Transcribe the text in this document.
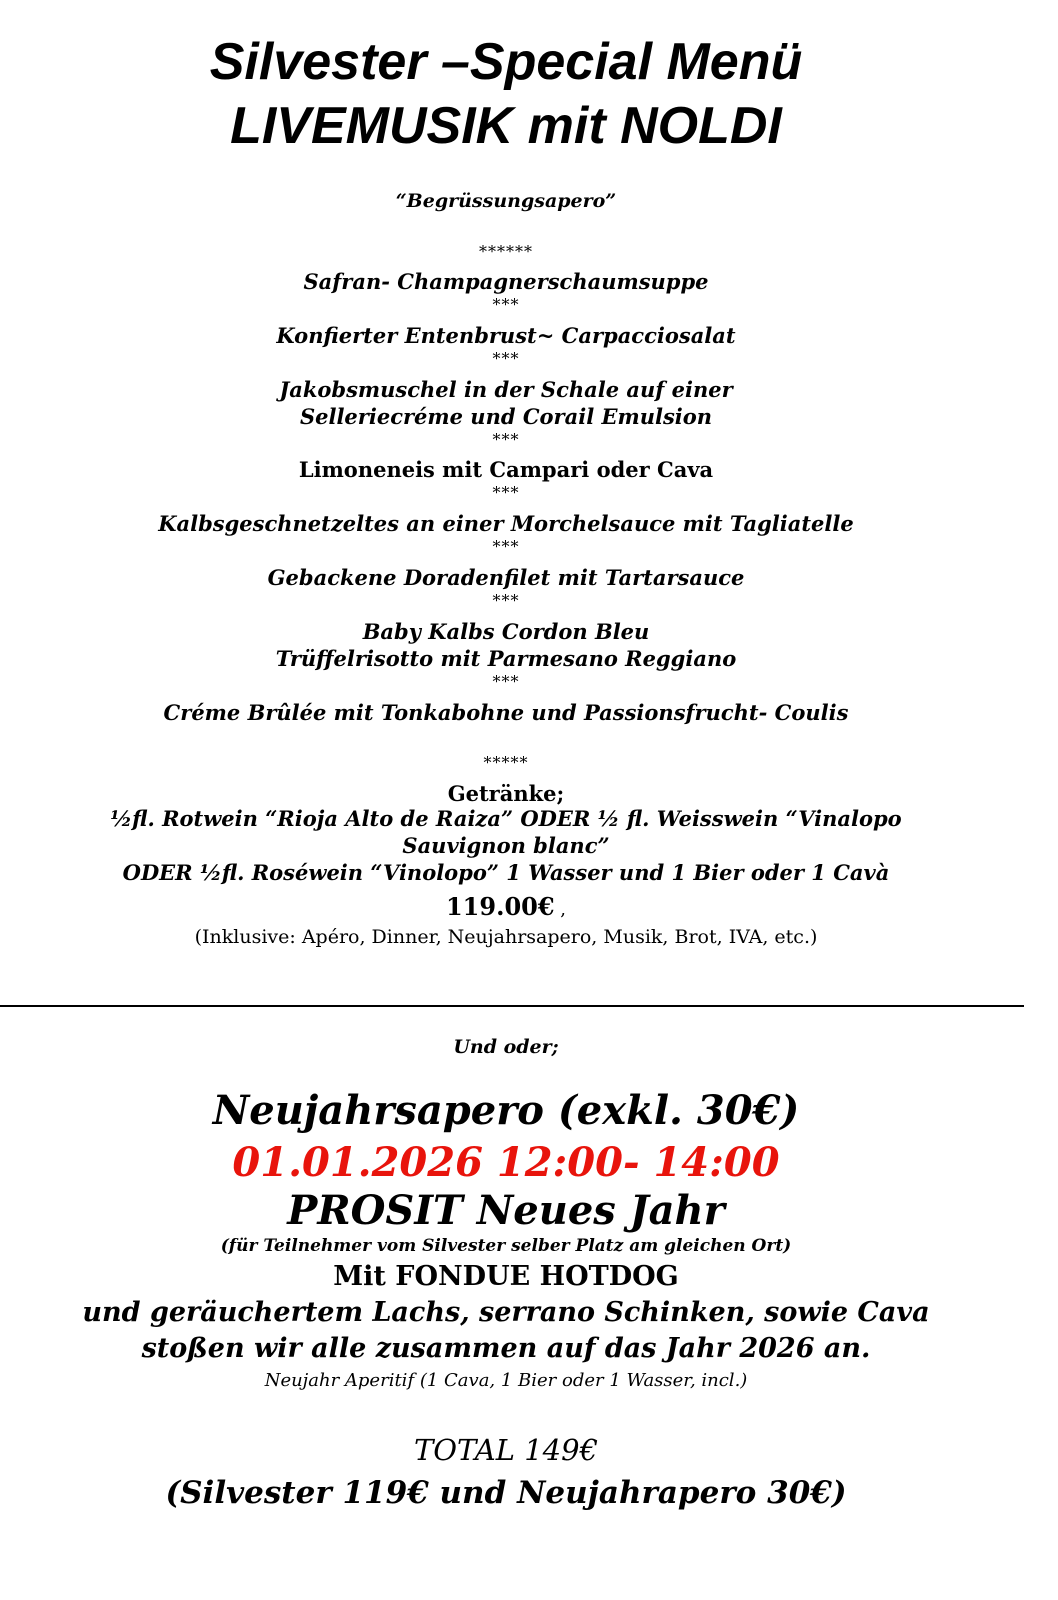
Silvester –Special Menü
LIVEMUSIK mit NOLDI
“Begrüssungsapero”
******
Safran- Champagnerschaumsuppe
***
Konfierter Entenbrust~ Carpacciosalat
***
Jakobsmuschel in der Schale auf einer
Selleriecréme und Corail Emulsion
***
Limoneneis mit Campari oder Cava
***
Kalbsgeschnetzeltes an einer Morchelsauce mit Tagliatelle
***
Gebackene Doradenfilet mit Tartarsauce
***
Baby Kalbs Cordon Bleu
Trüffelrisotto mit Parmesano Reggiano
***
Créme Brûlée mit Tonkabohne und Passionsfrucht- Coulis
*****
Getränke;
½fl. Rotwein “Rioja Alto de Raiza” ODER ½ fl. Weisswein “Vinalopo
Sauvignon blanc”
ODER ½fl. Roséwein “Vinolopo” 1 Wasser und 1 Bier oder 1 Cavà
119.00€ ,
(Inklusive: Apéro, Dinner, Neujahrsapero, Musik, Brot, IVA, etc.)
Und oder;
Neujahrsapero (exkl. 30€)
01.01.2026 12:00- 14:00
PROSIT Neues Jahr
(für Teilnehmer vom Silvester selber Platz am gleichen Ort)
Mit FONDUE HOTDOG
und geräuchertem Lachs, serrano Schinken, sowie Cava
stoßen wir alle zusammen auf das Jahr 2026 an.
Neujahr Aperitif (1 Cava, 1 Bier oder 1 Wasser, incl.)
TOTAL 149€
(Silvester 119€ und Neujahrapero 30€)
